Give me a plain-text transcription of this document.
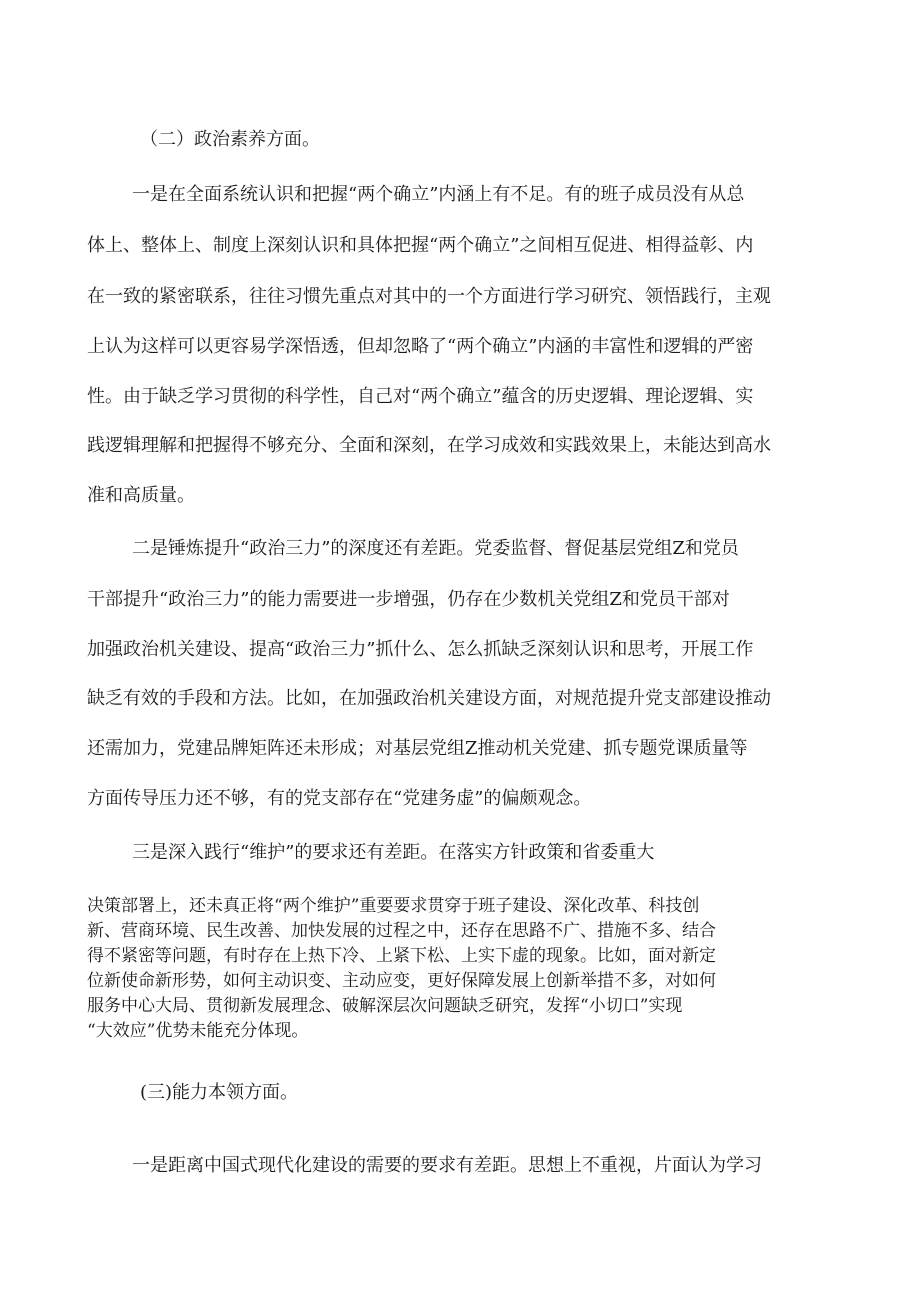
（二）政治素养方面。
一是在全面系统认识和把握“两个确立”内涵上有不足。有的班子成员没有从总
体上、整体上、制度上深刻认识和具体把握“两个确立”之间相互促进、相得益彰、内
在一致的紧密联系，往往习惯先重点对其中的一个方面进行学习研究、领悟践行，主观
上认为这样可以更容易学深悟透，但却忽略了“两个确立”内涵的丰富性和逻辑的严密
性。由于缺乏学习贯彻的科学性，自己对“两个确立”蕴含的历史逻辑、理论逻辑、实
践逻辑理解和把握得不够充分、全面和深刻，在学习成效和实践效果上，未能达到高水
准和高质量。
二是锤炼提升“政治三力”的深度还有差距。党委监督、督促基层党组Z和党员
干部提升“政治三力”的能力需要进一步增强，仍存在少数机关党组Z和党员干部对
加强政治机关建设、提高“政治三力”抓什么、怎么抓缺乏深刻认识和思考，开展工作
缺乏有效的手段和方法。比如，在加强政治机关建设方面，对规范提升党支部建设推动
还需加力，党建品牌矩阵还未形成；对基层党组Z推动机关党建、抓专题党课质量等
方面传导压力还不够，有的党支部存在“党建务虚”的偏颇观念。
三是深入践行“维护”的要求还有差距。在落实方针政策和省委重大
决策部署上，还未真正将“两个维护”重要要求贯穿于班子建设、深化改革、科技创
新、营商环境、民生改善、加快发展的过程之中，还存在思路不广、措施不多、结合
得不紧密等问题，有时存在上热下冷、上紧下松、上实下虚的现象。比如，面对新定
位新使命新形势，如何主动识变、主动应变，更好保障发展上创新举措不多，对如何
服务中心大局、贯彻新发展理念、破解深层次问题缺乏研究，发挥“小切口”实现
“大效应”优势未能充分体现。
(三)能力本领方面。
一是距离中国式现代化建设的需要的要求有差距。思想上不重视，片面认为学习
